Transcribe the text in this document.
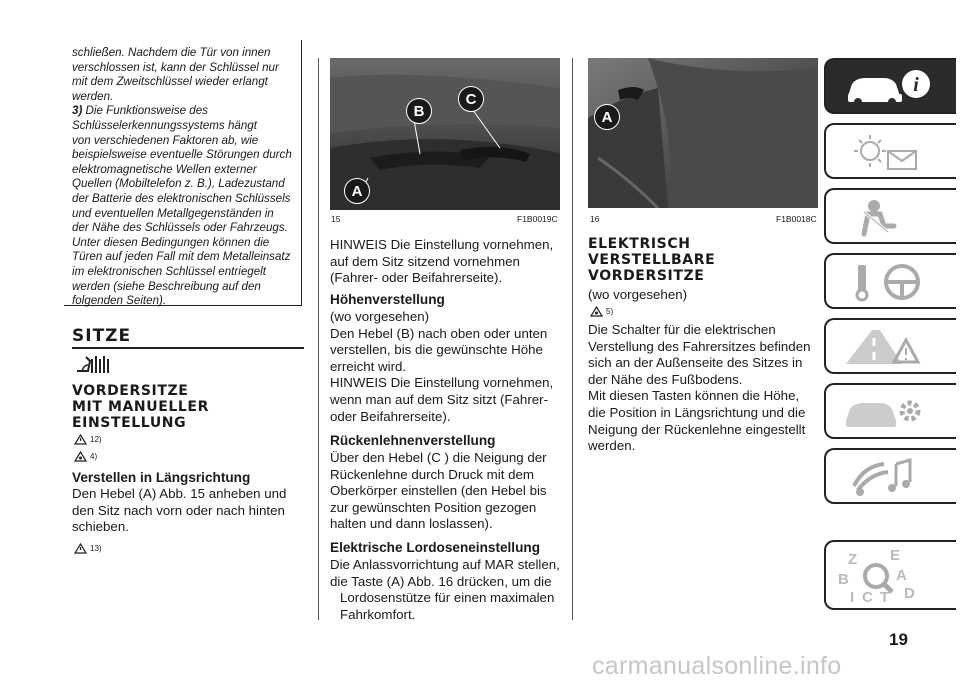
schließen. Nachdem die Tür von innen
verschlossen ist, kann der Schlüssel nur
mit dem Zweitschlüssel wieder erlangt
werden.
3) Die Funktionsweise des
Schlüsselerkennungssystems hängt
von verschiedenen Faktoren ab, wie
beispielsweise eventuelle Störungen durch
elektromagnetische Wellen externer
Quellen (Mobiltelefon z. B.), Ladezustand
der Batterie des elektronischen Schlüssels
und eventuellen Metallgegenständen in
der Nähe des Schlüssels oder Fahrzeugs.
Unter diesen Bedingungen können die
Türen auf jeden Fall mit dem Metalleinsatz
im elektronischen Schlüssel entriegelt
werden (siehe Beschreibung auf den
folgenden Seiten).
SITZE
VORDERSITZE
MIT MANUELLER
EINSTELLUNG
12)
4)
Verstellen in Längsrichtung
Den Hebel (A) Abb. 15 anheben und
den Sitz nach vorn oder nach hinten
schieben.
13)
A
B
C
15	F1B0019C
HINWEIS Die Einstellung vornehmen,
auf dem Sitz sitzend vornehmen
(Fahrer- oder Beifahrerseite).
Höhenverstellung
(wo vorgesehen)
Den Hebel (B) nach oben oder unten
verstellen, bis die gewünschte Höhe
erreicht wird.
HINWEIS Die Einstellung vornehmen,
wenn man auf dem Sitz sitzt (Fahrer-
oder Beifahrerseite).
Rückenlehnenverstellung
Über den Hebel (C ) die Neigung der
Rückenlehne durch Druck mit dem
Oberkörper einstellen (den Hebel bis
zur gewünschten Position gezogen
halten und dann loslassen).
Elektrische Lordoseneinstellung
Die Anlassvorrichtung auf MAR stellen,
die Taste (A) Abb. 16 drücken, um die
Lordosenstütze für einen maximalen
Fahrkomfort.
A
16	F1B0018C
ELEKTRISCH
VERSTELLBARE
VORDERSITZE
(wo vorgesehen)
5)
Die Schalter für die elektrischen
Verstellung des Fahrersitzes befinden
sich an der Außenseite des Sitzes in
der Nähe des Fußbodens.
Mit diesen Tasten können die Höhe,
die Position in Längsrichtung und die
Neigung der Rückenlehne eingestellt
werden.
i
Z E
B	A
I C T D
19
carmanualsonline.info
